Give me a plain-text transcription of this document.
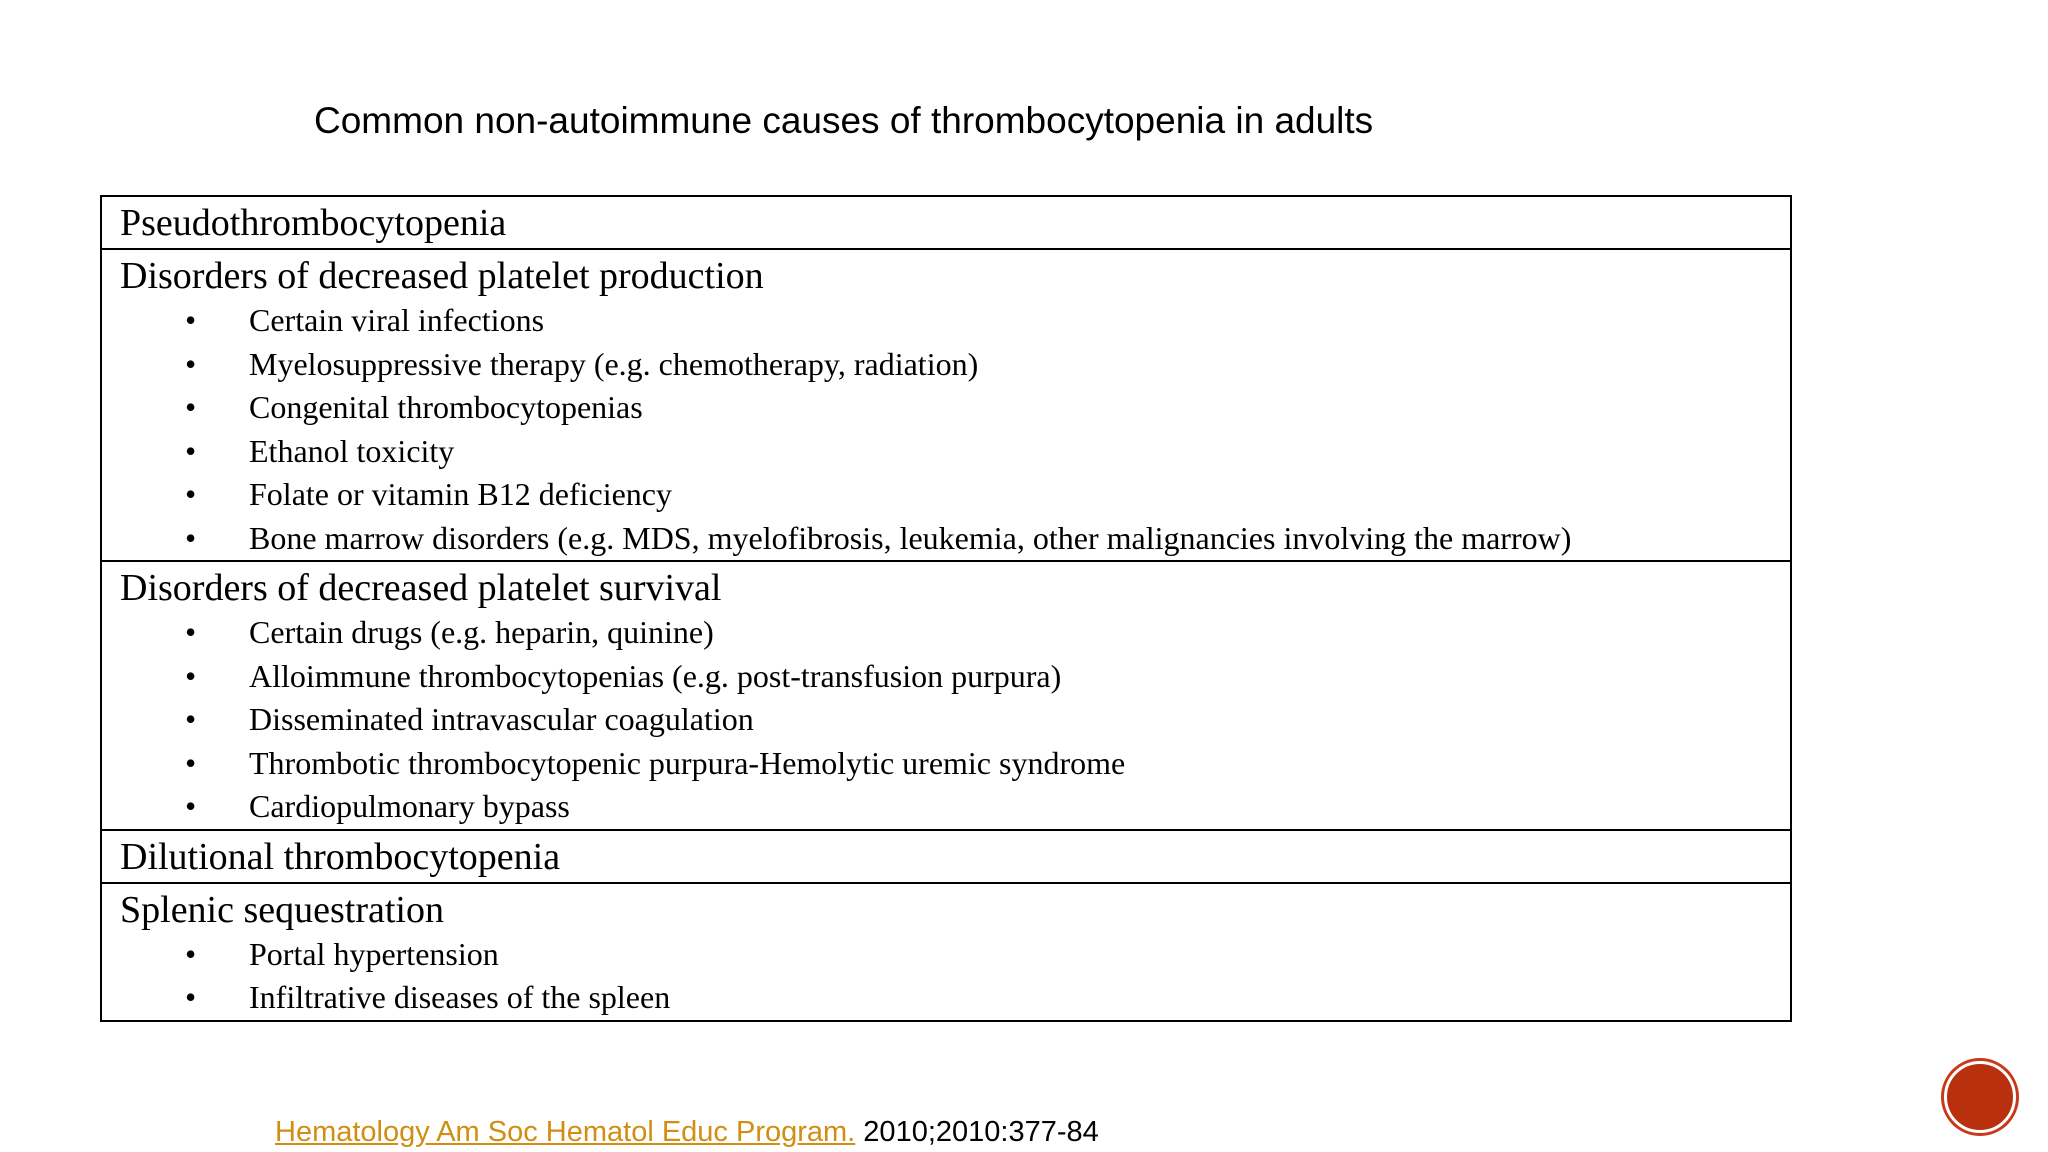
Common non-autoimmune causes of thrombocytopenia in adults
Pseudothrombocytopenia
Disorders of decreased platelet production
• Certain viral infections
• Myelosuppressive therapy (e.g. chemotherapy, radiation)
• Congenital thrombocytopenias
• Ethanol toxicity
• Folate or vitamin B12 deficiency
• Bone marrow disorders (e.g. MDS, myelofibrosis, leukemia, other malignancies involving the marrow)
Disorders of decreased platelet survival
• Certain drugs (e.g. heparin, quinine)
• Alloimmune thrombocytopenias (e.g. post-transfusion purpura)
• Disseminated intravascular coagulation
• Thrombotic thrombocytopenic purpura-Hemolytic uremic syndrome
• Cardiopulmonary bypass
Dilutional thrombocytopenia
Splenic sequestration
• Portal hypertension
• Infiltrative diseases of the spleen
Hematology Am Soc Hematol Educ Program. 2010;2010:377-84
